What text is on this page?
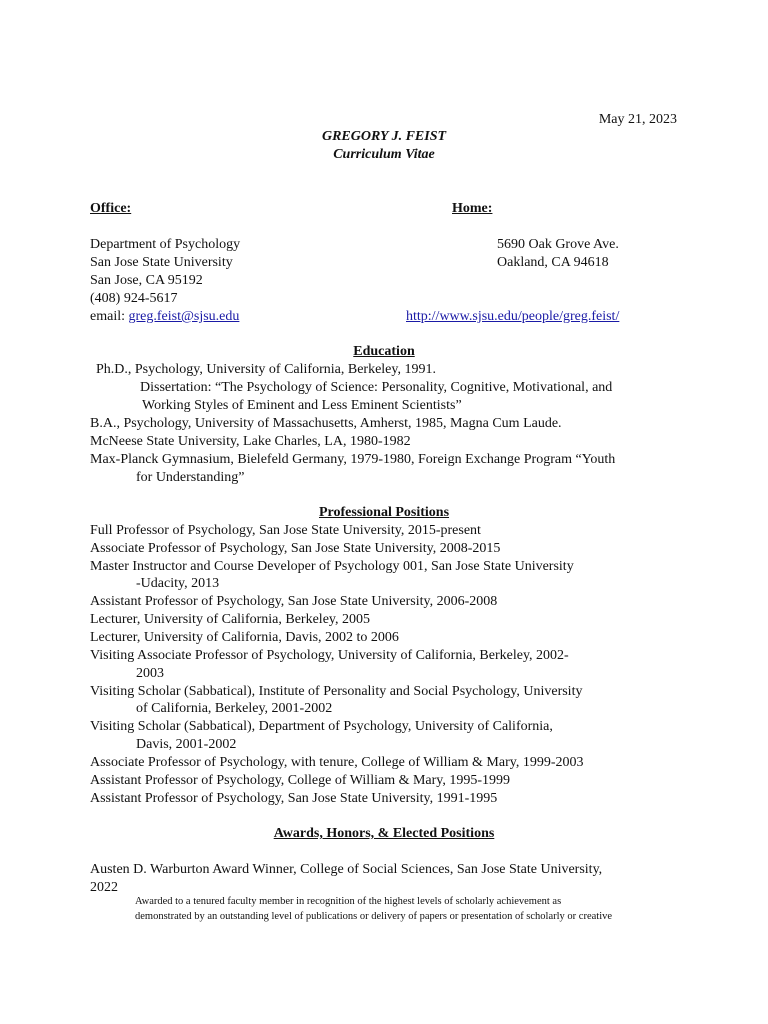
May 21, 2023
GREGORY J. FEIST
Curriculum Vitae
Office:	Home:
Department of Psychology
San Jose State University
San Jose, CA 95192
(408) 924-5617
email: greg.feist@sjsu.edu
5690 Oak Grove Ave.
Oakland, CA 94618
http://www.sjsu.edu/people/greg.feist/
Education
Ph.D., Psychology, University of California, Berkeley, 1991.
Dissertation: “The Psychology of Science: Personality, Cognitive, Motivational, and
Working Styles of Eminent and Less Eminent Scientists”
B.A., Psychology, University of Massachusetts, Amherst, 1985, Magna Cum Laude.
McNeese State University, Lake Charles, LA, 1980-1982
Max-Planck Gymnasium, Bielefeld Germany, 1979-1980, Foreign Exchange Program “Youth
for Understanding”
Professional Positions
Full Professor of Psychology, San Jose State University, 2015-present
Associate Professor of Psychology, San Jose State University, 2008-2015
Master Instructor and Course Developer of Psychology 001, San Jose State University
-Udacity, 2013
Assistant Professor of Psychology, San Jose State University, 2006-2008
Lecturer, University of California, Berkeley, 2005
Lecturer, University of California, Davis, 2002 to 2006
Visiting Associate Professor of Psychology, University of California, Berkeley, 2002-
2003
Visiting Scholar (Sabbatical), Institute of Personality and Social Psychology, University
of California, Berkeley, 2001-2002
Visiting Scholar (Sabbatical), Department of Psychology, University of California,
Davis, 2001-2002
Associate Professor of Psychology, with tenure, College of William & Mary, 1999-2003
Assistant Professor of Psychology, College of William & Mary, 1995-1999
Assistant Professor of Psychology, San Jose State University, 1991-1995
Awards, Honors, & Elected Positions
Austen D. Warburton Award Winner, College of Social Sciences, San Jose State University,
2022
Awarded to a tenured faculty member in recognition of the highest levels of scholarly achievement as
demonstrated by an outstanding level of publications or delivery of papers or presentation of scholarly or creative
